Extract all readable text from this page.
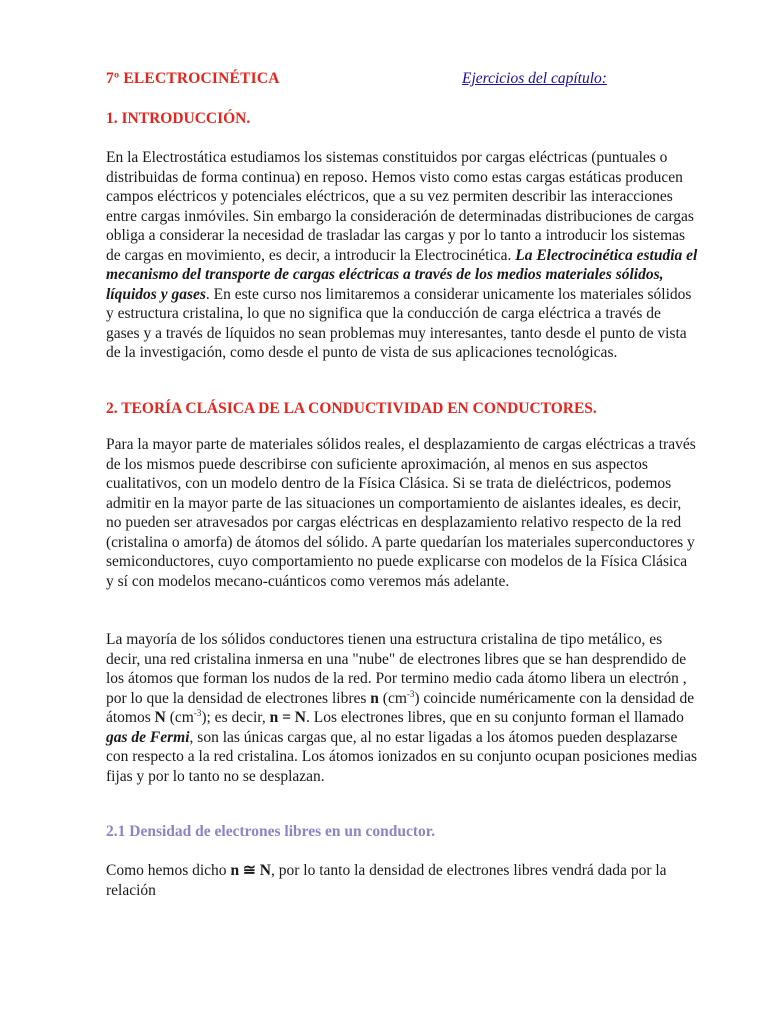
7º ELECTROCINÉTICA	Ejercicios del capítulo:
1. INTRODUCCIÓN.

En la Electrostática estudiamos los sistemas constituidos por cargas eléctricas (puntuales o distribuidas de forma continua) en reposo. Hemos visto como estas cargas estáticas producen campos eléctricos y potenciales eléctricos, que a su vez permiten describir las interacciones entre cargas inmóviles. Sin embargo la consideración de determinadas distribuciones de cargas obliga a considerar la necesidad de trasladar las cargas y por lo tanto a introducir los sistemas de cargas en movimiento, es decir, a introducir la Electrocinética. La Electrocinética estudia el mecanismo del transporte de cargas eléctricas a través de los medios materiales sólidos, líquidos y gases. En este curso nos limitaremos a considerar unicamente los materiales sólidos y estructura cristalina, lo que no significa que la conducción de carga eléctrica a través de gases y a través de líquidos no sean problemas muy interesantes, tanto desde el punto de vista de la investigación, como desde el punto de vista de sus aplicaciones tecnológicas.

2. TEORÍA CLÁSICA DE LA CONDUCTIVIDAD EN CONDUCTORES.

Para la mayor parte de materiales sólidos reales, el desplazamiento de cargas eléctricas a través de los mismos puede describirse con suficiente aproximación, al menos en sus aspectos cualitativos, con un modelo dentro de la Física Clásica. Si se trata de dieléctricos, podemos admitir en la mayor parte de las situaciones un comportamiento de aislantes ideales, es decir, no pueden ser atravesados por cargas eléctricas en desplazamiento relativo respecto de la red (cristalina o amorfa) de átomos del sólido. A parte quedarían los materiales superconductores y semiconductores, cuyo comportamiento no puede explicarse con modelos de la Física Clásica y sí con modelos mecano-cuánticos como veremos más adelante.

La mayoría de los sólidos conductores tienen una estructura cristalina de tipo metálico, es decir, una red cristalina inmersa en una "nube" de electrones libres que se han desprendido de los átomos que forman los nudos de la red. Por termino medio cada átomo libera un electrón , por lo que la densidad de electrones libres n $(cm^{-3})$ coincide numéricamente con la densidad de átomos N $(cm^{-3})$; es decir, n = N. Los electrones libres, que en su conjunto forman el llamado gas de Fermi, son las únicas cargas que, al no estar ligadas a los átomos pueden desplazarse con respecto a la red cristalina. Los átomos ionizados en su conjunto ocupan posiciones medias fijas y por lo tanto no se desplazan.

2.1 Densidad de electrones libres en un conductor.

Como hemos dicho n ≅ N, por lo tanto la densidad de electrones libres vendrá dada por la relación
